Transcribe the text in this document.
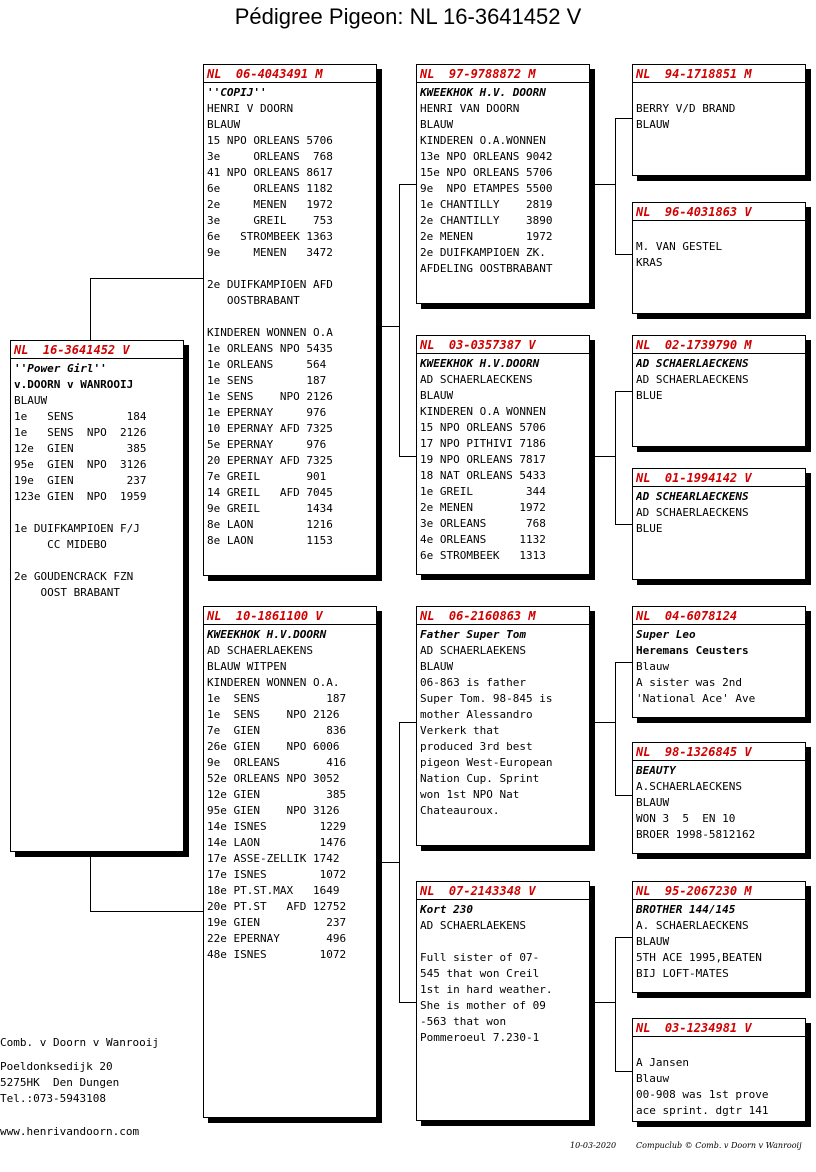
Pédigree Pigeon: NL 16-3641452 V
NL  16-3641452 V
''Power Girl''
v.DOORN v WANROOIJ
BLAUW
1e   SENS        184
1e   SENS  NPO  2126
12e  GIEN        385
95e  GIEN  NPO  3126
19e  GIEN        237
123e GIEN  NPO  1959
1e DUIFKAMPIOEN F/J
CC MIDEBO
2e GOUDENCRACK FZN
OOST BRABANT
NL  06-4043491 M
''COPIJ''
HENRI V DOORN
BLAUW
15 NPO ORLEANS 5706
3e     ORLEANS  768
41 NPO ORLEANS 8617
6e     ORLEANS 1182
2e     MENEN   1972
3e     GREIL    753
6e   STROMBEEK 1363
9e     MENEN   3472
2e DUIFKAMPIOEN AFD
OOSTBRABANT
KINDEREN WONNEN O.A
1e ORLEANS NPO 5435
1e ORLEANS     564
1e SENS        187
1e SENS    NPO 2126
1e EPERNAY     976
10 EPERNAY AFD 7325
5e EPERNAY     976
20 EPERNAY AFD 7325
7e GREIL       901
14 GREIL   AFD 7045
9e GREIL       1434
8e LAON        1216
8e LAON        1153
NL  10-1861100 V
KWEEKHOK H.V.DOORN
AD SCHAERLAEKENS
BLAUW WITPEN
KINDEREN WONNEN O.A.
1e  SENS          187
1e  SENS    NPO 2126
7e  GIEN          836
26e GIEN    NPO 6006
9e  ORLEANS       416
52e ORLEANS NPO 3052
12e GIEN          385
95e GIEN    NPO 3126
14e ISNES        1229
14e LAON         1476
17e ASSE-ZELLIK 1742
17e ISNES        1072
18e PT.ST.MAX   1649
20e PT.ST   AFD 12752
19e GIEN          237
22e EPERNAY       496
48e ISNES        1072
NL  97-9788872 M
KWEEKHOK H.V. DOORN
HENRI VAN DOORN
BLAUW
KINDEREN O.A.WONNEN
13e NPO ORLEANS 9042
15e NPO ORLEANS 5706
9e  NPO ETAMPES 5500
1e CHANTILLY    2819
2e CHANTILLY    3890
2e MENEN        1972
2e DUIFKAMPIOEN ZK.
AFDELING OOSTBRABANT
NL  03-0357387 V
KWEEKHOK H.V.DOORN
AD SCHAERLAECKENS
BLAUW
KINDEREN O.A WONNEN
15 NPO ORLEANS 5706
17 NPO PITHIVI 7186
19 NPO ORLEANS 7817
18 NAT ORLEANS 5433
1e GREIL        344
2e MENEN       1972
3e ORLEANS      768
4e ORLEANS     1132
6e STROMBEEK   1313
NL  06-2160863 M
Father Super Tom
AD SCHAERLAEKENS
BLAUW
06-863 is father
Super Tom. 98-845 is
mother Alessandro
Verkerk that
produced 3rd best
pigeon West-European
Nation Cup. Sprint
won 1st NPO Nat
Chateauroux.
NL  07-2143348 V
Kort 230
AD SCHAERLAEKENS
Full sister of 07-
545 that won Creil
1st in hard weather.
She is mother of 09
-563 that won
Pommeroeul 7.230-1
NL  94-1718851 M
BERRY V/D BRAND
BLAUW
NL  96-4031863 V
M. VAN GESTEL
KRAS
NL  02-1739790 M
AD SCHAERLAECKENS
AD SCHAERLAECKENS
BLUE
NL  01-1994142 V
AD SCHEARLAECKENS
AD SCHAERLAECKENS
BLUE
NL  04-6078124
Super Leo
Heremans Ceusters
Blauw
A sister was 2nd
'National Ace' Ave
NL  98-1326845 V
BEAUTY
A.SCHAERLAECKENS
BLAUW
WON 3  5  EN 10
BROER 1998-5812162
NL  95-2067230 M
BROTHER 144/145
A. SCHAERLAECKENS
BLAUW
5TH ACE 1995,BEATEN
BIJ LOFT-MATES
NL  03-1234981 V
A Jansen
Blauw
00-908 was 1st prove
ace sprint. dgtr 141
Comb. v Doorn v Wanrooij
Poeldonksedijk 20
5275HK  Den Dungen
Tel.:073-5943108
www.henrivandoorn.com
10-03-2020 Compuclub © Comb. v Doorn v Wanrooij
